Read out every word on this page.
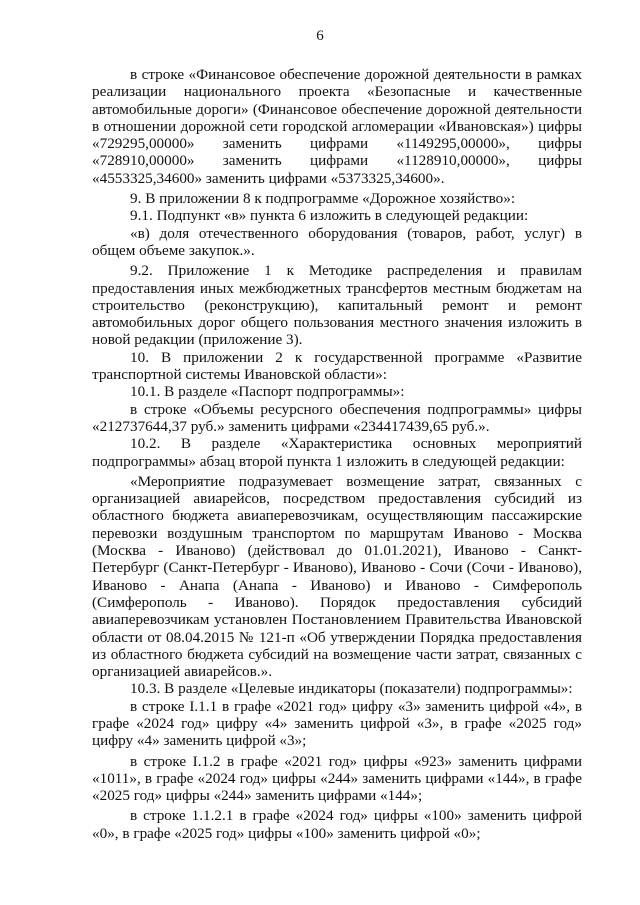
6

в строке «Финансовое обеспечение дорожной деятельности в рамках реализации национального проекта «Безопасные и качественные автомобильные дороги» (Финансовое обеспечение дорожной деятельности в отношении дорожной сети городской агломерации «Ивановская») цифры «729295,00000» заменить цифрами «1149295,00000», цифры «728910,00000» заменить цифрами «1128910,00000», цифры «4553325,34600» заменить цифрами «5373325,34600».

9. В приложении 8 к подпрограмме «Дорожное хозяйство»:

9.1. Подпункт «в» пункта 6 изложить в следующей редакции:

«в) доля отечественного оборудования (товаров, работ, услуг) в общем объеме закупок.».

9.2. Приложение 1 к Методике распределения и правилам предоставления иных межбюджетных трансфертов местным бюджетам на строительство (реконструкцию), капитальный ремонт и ремонт автомобильных дорог общего пользования местного значения изложить в новой редакции (приложение 3).

10. В приложении 2 к государственной программе «Развитие транспортной системы Ивановской области»:

10.1. В разделе «Паспорт подпрограммы»:

в строке «Объемы ресурсного обеспечения подпрограммы» цифры «212737644,37 руб.» заменить цифрами «234417439,65 руб.».

10.2. В разделе «Характеристика основных мероприятий подпрограммы» абзац второй пункта 1 изложить в следующей редакции:

«Мероприятие подразумевает возмещение затрат, связанных с организацией авиарейсов, посредством предоставления субсидий из областного бюджета авиаперевозчикам, осуществляющим пассажирские перевозки воздушным транспортом по маршрутам Иваново - Москва (Москва - Иваново) (действовал до 01.01.2021), Иваново - Санкт-Петербург (Санкт-Петербург - Иваново), Иваново - Сочи (Сочи - Иваново), Иваново - Анапа (Анапа - Иваново) и Иваново - Симферополь (Симферополь - Иваново). Порядок предоставления субсидий авиаперевозчикам установлен Постановлением Правительства Ивановской области от 08.04.2015 № 121-п «Об утверждении Порядка предоставления из областного бюджета субсидий на возмещение части затрат, связанных с организацией авиарейсов.».

10.3. В разделе «Целевые индикаторы (показатели) подпрограммы»:

в строке I.1.1 в графе «2021 год» цифру «3» заменить цифрой «4», в графе «2024 год» цифру «4» заменить цифрой «3», в графе «2025 год» цифру «4» заменить цифрой «3»;

в строке I.1.2 в графе «2021 год» цифры «923» заменить цифрами «1011», в графе «2024 год» цифры «244» заменить цифрами «144», в графе «2025 год» цифры «244» заменить цифрами «144»;

в строке 1.1.2.1 в графе «2024 год» цифры «100» заменить цифрой «0», в графе «2025 год» цифры «100» заменить цифрой «0»;
